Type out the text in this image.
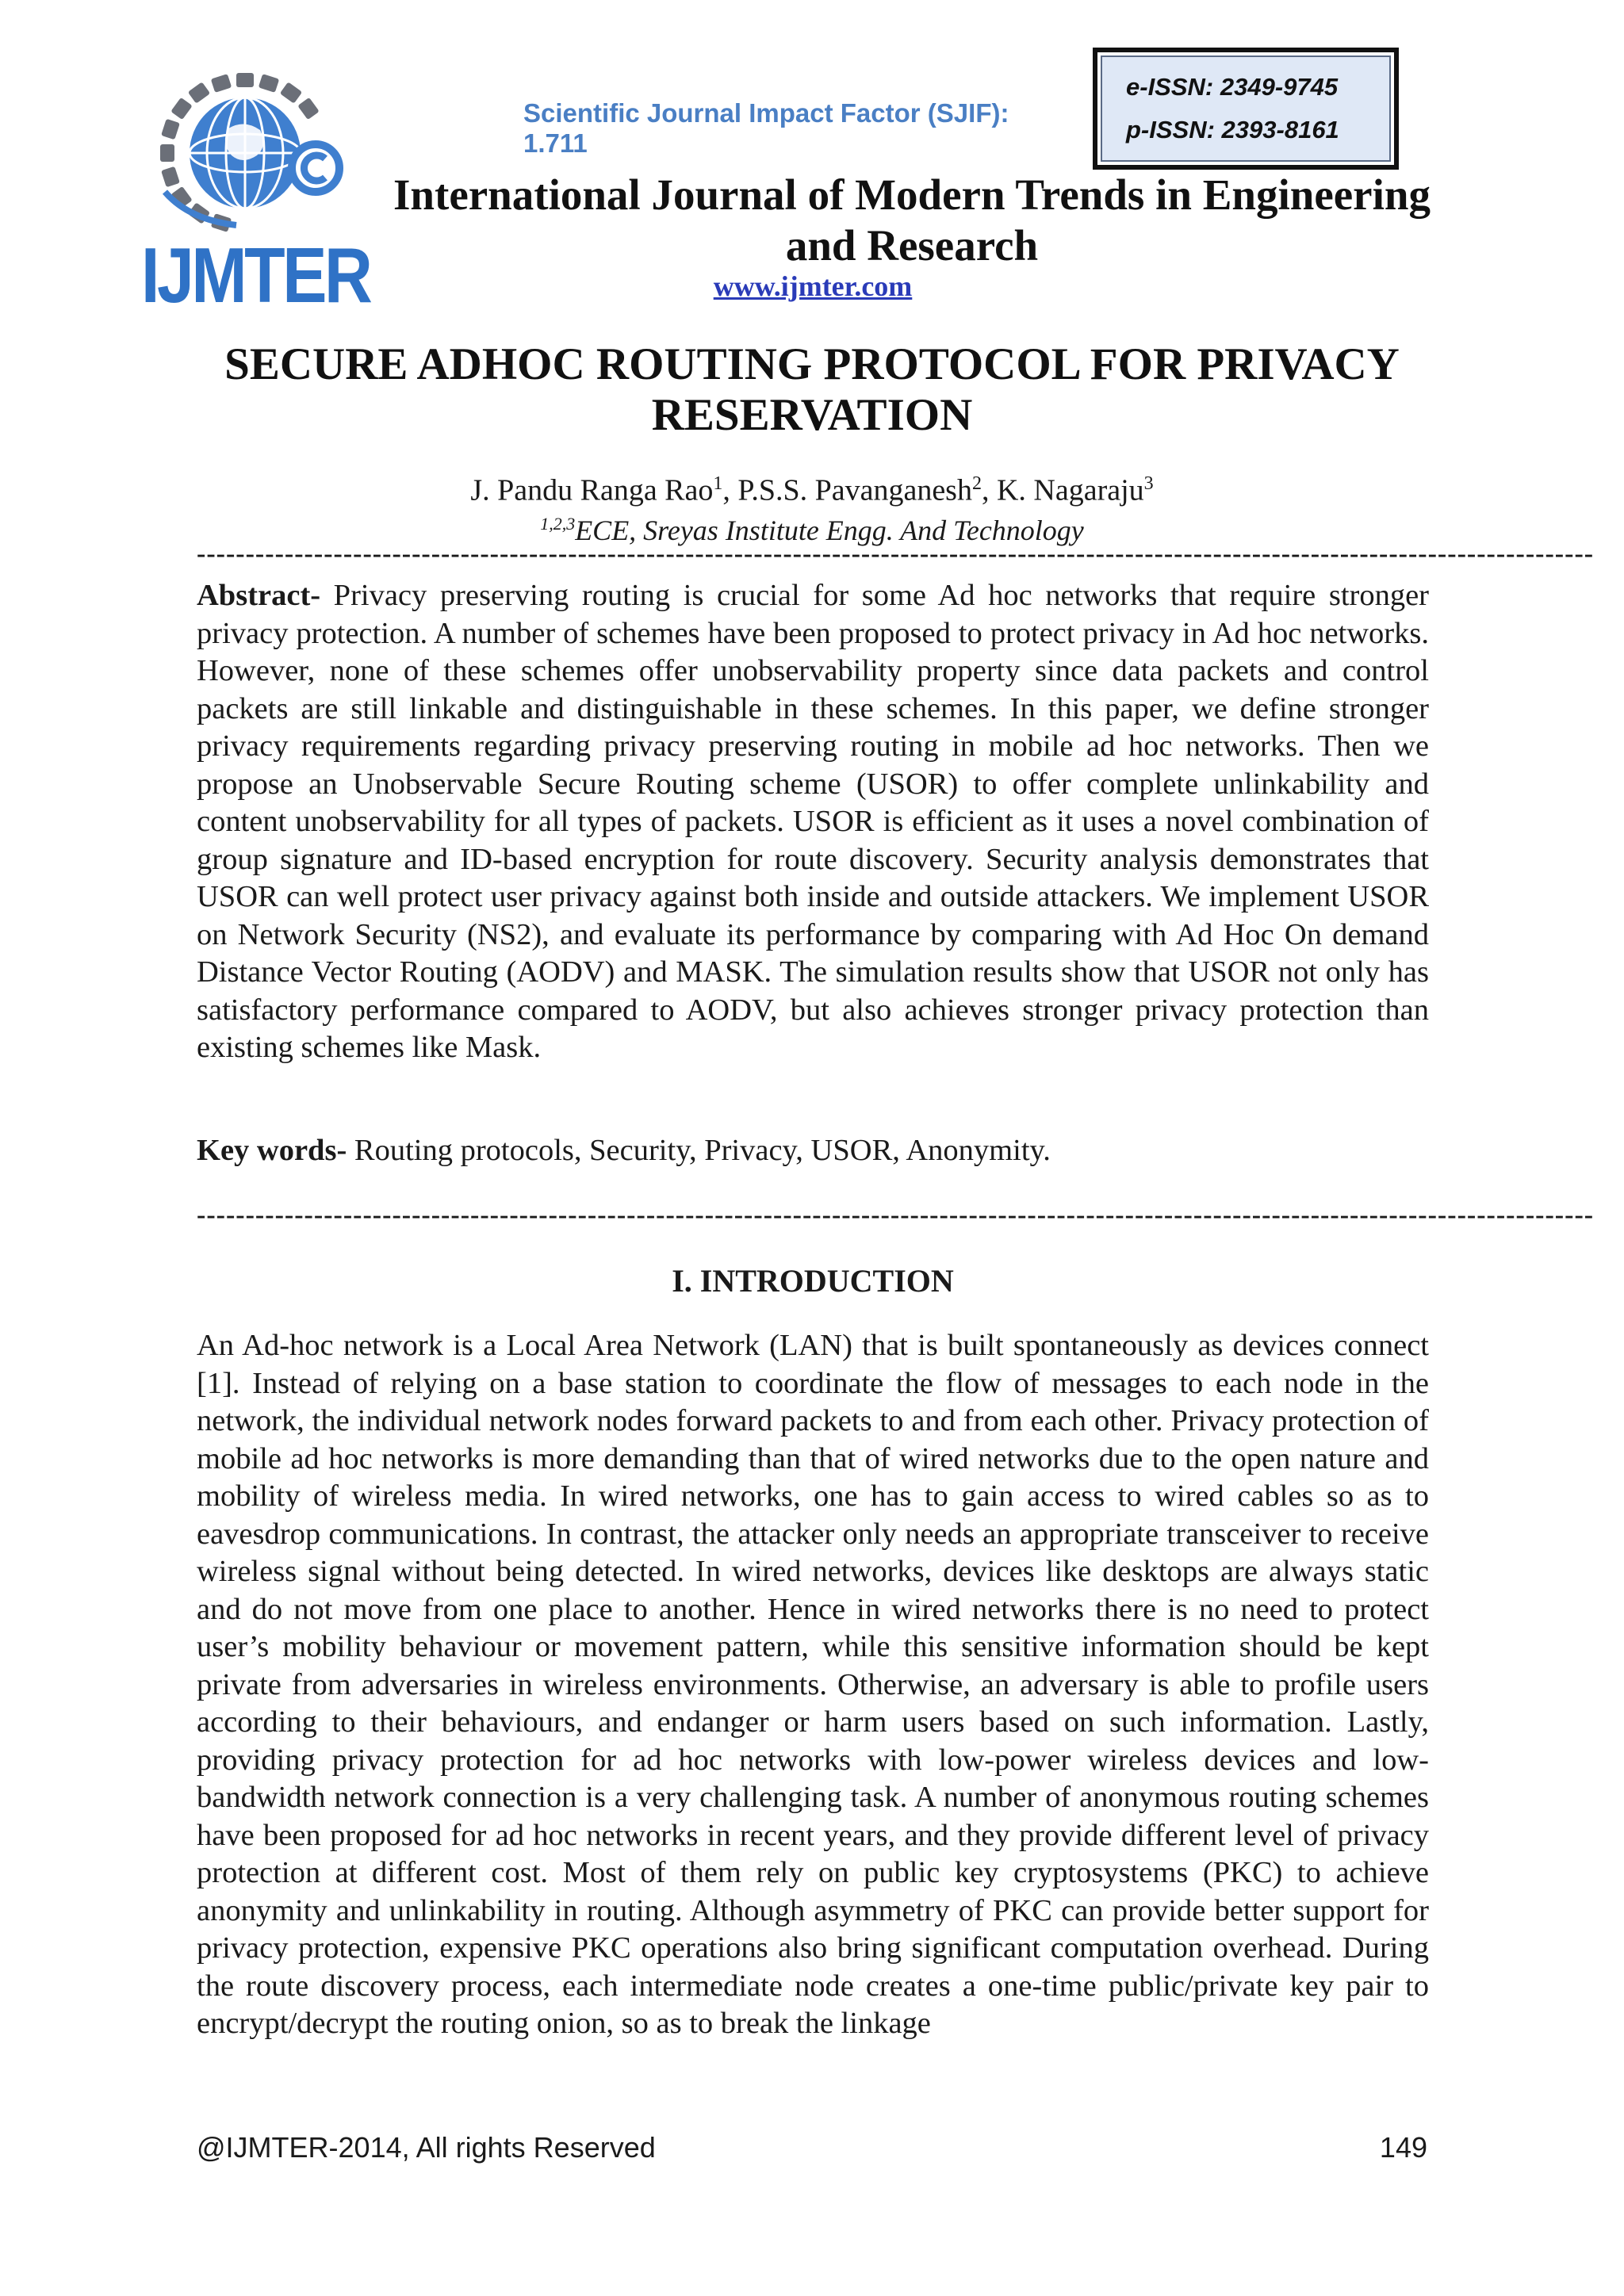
IJMTER
Scientific Journal Impact Factor (SJIF): 1.711
e-ISSN: 2349-9745
p-ISSN: 2393-8161
International Journal of Modern Trends in Engineering and Research
www.ijmter.com
SECURE ADHOC ROUTING PROTOCOL FOR PRIVACY RESERVATION
J. Pandu Ranga Rao$^1$, P.S.S. Pavanganesh$^2$, K. Nagaraju$^3$
$^{1,2,3}$ECE, Sreyas Institute Engg. And Technology
-----------------------------------------------------------------------------------------------------------------------------------------------
Abstract- Privacy preserving routing is crucial for some Ad hoc networks that require stronger privacy protection. A number of schemes have been proposed to protect privacy in Ad hoc networks. However, none of these schemes offer unobservability property since data packets and control packets are still linkable and distinguishable in these schemes. In this paper, we define stronger privacy requirements regarding privacy preserving routing in mobile ad hoc networks. Then we propose an Unobservable Secure Routing scheme (USOR) to offer complete unlinkability and content unobservability for all types of packets. USOR is efficient as it uses a novel combination of group signature and ID-based encryption for route discovery. Security analysis demonstrates that USOR can well protect user privacy against both inside and outside attackers. We implement USOR on Network Security (NS2), and evaluate its performance by comparing with Ad Hoc On demand Distance Vector Routing (AODV) and MASK. The simulation results show that USOR not only has satisfactory performance compared to AODV, but also achieves stronger privacy protection than existing schemes like Mask.
Key words- Routing protocols, Security, Privacy, USOR, Anonymity.
-----------------------------------------------------------------------------------------------------------------------------------------------
I. INTRODUCTION
An Ad-hoc network is a Local Area Network (LAN) that is built spontaneously as devices connect [1]. Instead of relying on a base station to coordinate the flow of messages to each node in the network, the individual network nodes forward packets to and from each other. Privacy protection of mobile ad hoc networks is more demanding than that of wired networks due to the open nature and mobility of wireless media. In wired networks, one has to gain access to wired cables so as to eavesdrop communications. In contrast, the attacker only needs an appropriate transceiver to receive wireless signal without being detected. In wired networks, devices like desktops are always static and do not move from one place to another. Hence in wired networks there is no need to protect user’s mobility behaviour or movement pattern, while this sensitive information should be kept private from adversaries in wireless environments. Otherwise, an adversary is able to profile users according to their behaviours, and endanger or harm users based on such information. Lastly, providing privacy protection for ad hoc networks with low-power wireless devices and low-bandwidth network connection is a very challenging task. A number of anonymous routing schemes have been proposed for ad hoc networks in recent years, and they provide different level of privacy protection at different cost. Most of them rely on public key cryptosystems (PKC) to achieve anonymity and unlinkability in routing. Although asymmetry of PKC can provide better support for privacy protection, expensive PKC operations also bring significant computation overhead. During the route discovery process, each intermediate node creates a one-time public/private key pair to encrypt/decrypt the routing onion, so as to break the linkage
@IJMTER-2014, All rights Reserved	149
